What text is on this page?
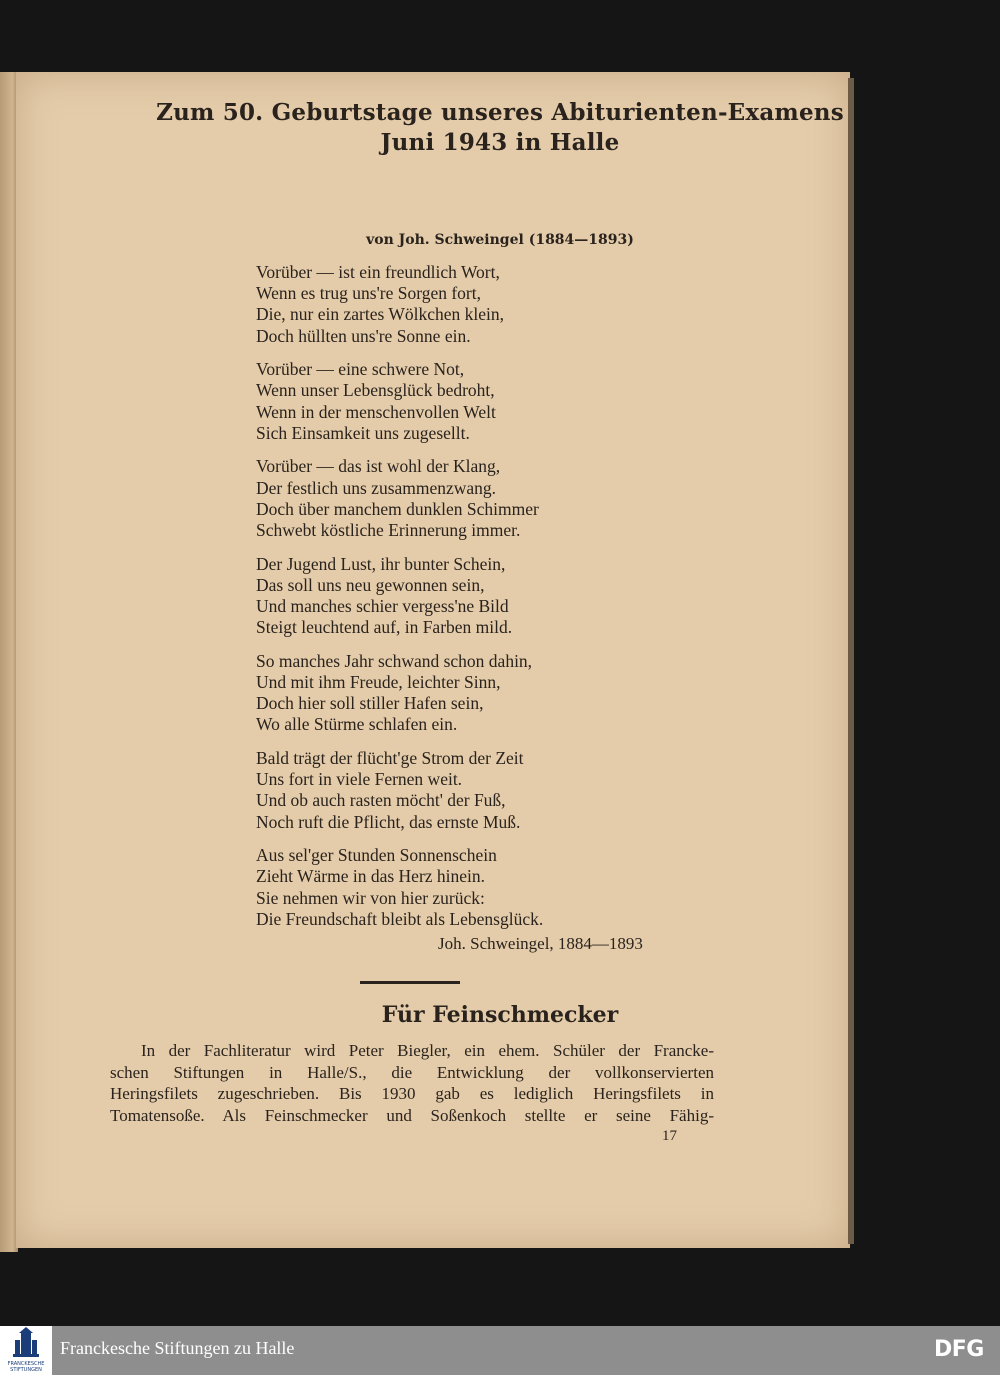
Zum 50. Geburtstage unseres Abiturienten-Examens
Juni 1943 in Halle
von Joh. Schweingel (1884—1893)
Vorüber — ist ein freundlich Wort,
Wenn es trug uns're Sorgen fort,
Die, nur ein zartes Wölkchen klein,
Doch hüllten uns're Sonne ein.
Vorüber — eine schwere Not,
Wenn unser Lebensglück bedroht,
Wenn in der menschenvollen Welt
Sich Einsamkeit uns zugesellt.
Vorüber — das ist wohl der Klang,
Der festlich uns zusammenzwang.
Doch über manchem dunklen Schimmer
Schwebt köstliche Erinnerung immer.
Der Jugend Lust, ihr bunter Schein,
Das soll uns neu gewonnen sein,
Und manches schier vergess'ne Bild
Steigt leuchtend auf, in Farben mild.
So manches Jahr schwand schon dahin,
Und mit ihm Freude, leichter Sinn,
Doch hier soll stiller Hafen sein,
Wo alle Stürme schlafen ein.
Bald trägt der flücht'ge Strom der Zeit
Uns fort in viele Fernen weit.
Und ob auch rasten möcht' der Fuß,
Noch ruft die Pflicht, das ernste Muß.
Aus sel'ger Stunden Sonnenschein
Zieht Wärme in das Herz hinein.
Sie nehmen wir von hier zurück:
Die Freundschaft bleibt als Lebensglück.
Joh. Schweingel, 1884—1893
Für Feinschmecker
In der Fachliteratur wird Peter Biegler, ein ehem. Schüler der Francke-
schen Stiftungen in Halle/S., die Entwicklung der vollkonservierten
Heringsfilets zugeschrieben. Bis 1930 gab es lediglich Heringsfilets in
Tomatensoße. Als Feinschmecker und Soßenkoch stellte er seine Fähig-
17
FRANCKESCHE
STIFTUNGEN
Franckesche Stiftungen zu Halle	DFG
